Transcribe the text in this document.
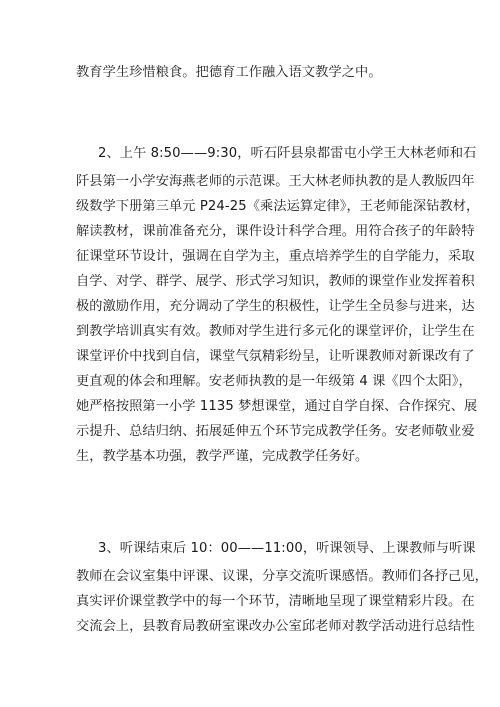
教育学生珍惜粮食。把德育工作融入语文教学之中。
2、上午 8:50——9:30，听石阡县泉都雷屯小学王大林老师和石
阡县第一小学安海燕老师的示范课。王大林老师执教的是人教版四年
级数学下册第三单元 P24-25《乘法运算定律》，王老师能深钻教材，
解读教材，课前准备充分，课件设计科学合理。用符合孩子的年龄特
征课堂环节设计，强调在自学为主，重点培养学生的自学能力，采取
自学、对学、群学、展学、形式学习知识，教师的课堂作业发挥着积
极的激励作用，充分调动了学生的积极性，让学生全员参与进来，达
到教学培训真实有效。教师对学生进行多元化的课堂评价，让学生在
课堂评价中找到自信，课堂气氛精彩纷呈，让听课教师对新课改有了
更直观的体会和理解。安老师执教的是一年级第 4 课《四个太阳》，
她严格按照第一小学 1135 梦想课堂，通过自学自探、合作探究、展
示提升、总结归纳、拓展延伸五个环节完成教学任务。安老师敬业爱
生，教学基本功强，教学严谨，完成教学任务好。
3、听课结束后 10：00——11:00，听课领导、上课教师与听课
教师在会议室集中评课、议课，分享交流听课感悟。教师们各抒己见，
真实评价课堂教学中的每一个环节，清晰地呈现了课堂精彩片段。在
交流会上，县教育局教研室课改办公室邱老师对教学活动进行总结性
